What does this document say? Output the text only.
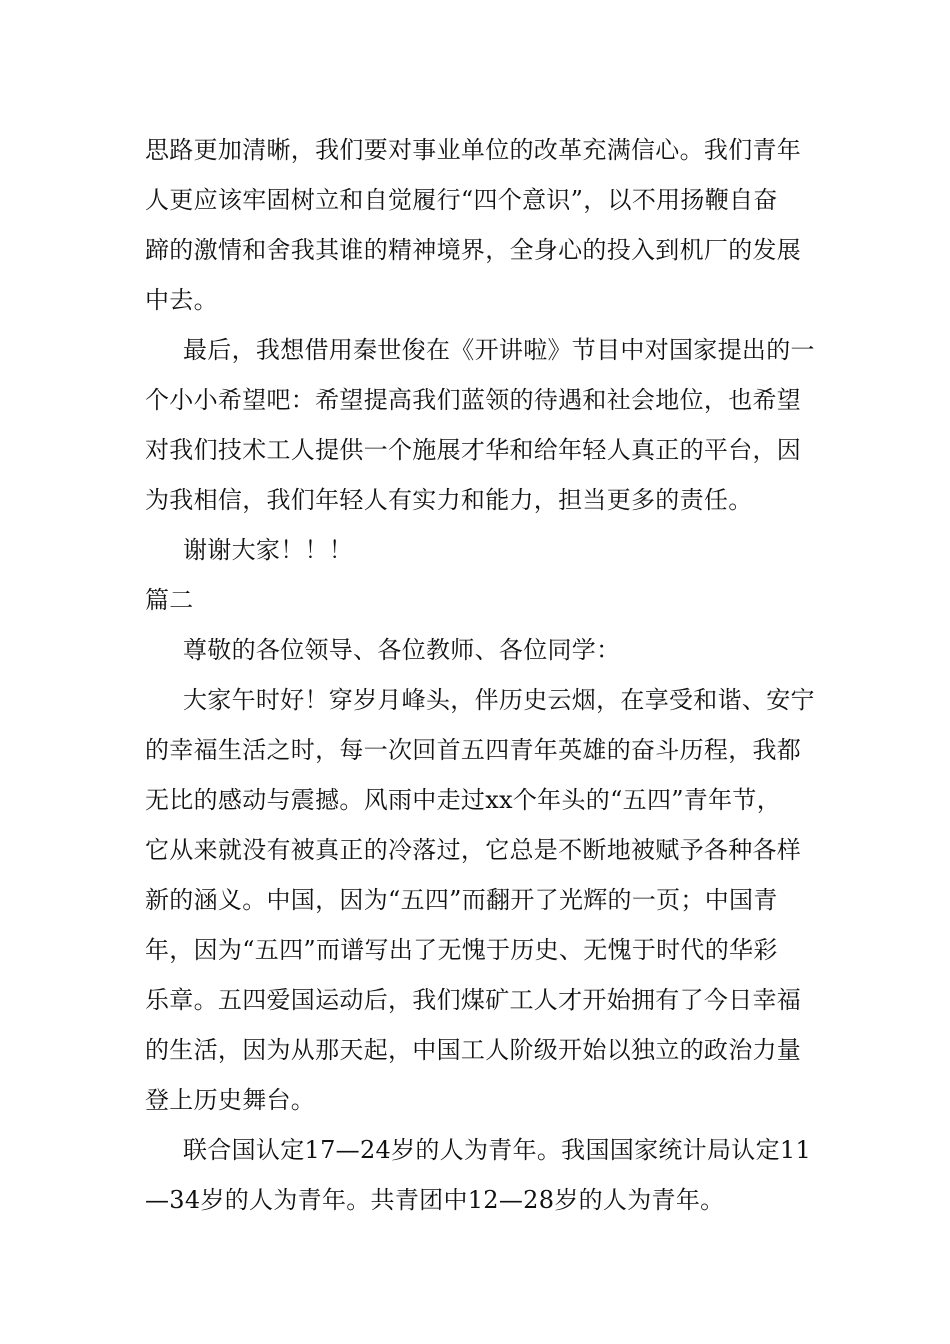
思路更加清晰，我们要对事业单位的改革充满信心。我们青年
人更应该牢固树立和自觉履行“四个意识”，以不用扬鞭自奋
蹄的激情和舍我其谁的精神境界，全身心的投入到机厂的发展
中去。
最后，我想借用秦世俊在《开讲啦》节目中对国家提出的一
个小小希望吧：希望提高我们蓝领的待遇和社会地位，也希望
对我们技术工人提供一个施展才华和给年轻人真正的平台，因
为我相信，我们年轻人有实力和能力，担当更多的责任。
谢谢大家！！！
篇二
尊敬的各位领导、各位教师、各位同学：
大家午时好！穿岁月峰头，伴历史云烟，在享受和谐、安宁
的幸福生活之时，每一次回首五四青年英雄的奋斗历程，我都
无比的感动与震撼。风雨中走过xx个年头的“五四”青年节，
它从来就没有被真正的冷落过，它总是不断地被赋予各种各样
新的涵义。中国，因为“五四”而翻开了光辉的一页；中国青
年，因为“五四”而谱写出了无愧于历史、无愧于时代的华彩
乐章。五四爱国运动后，我们煤矿工人才开始拥有了今日幸福
的生活，因为从那天起，中国工人阶级开始以独立的政治力量
登上历史舞台。
联合国认定17—24岁的人为青年。我国国家统计局认定11
—34岁的人为青年。共青团中12—28岁的人为青年。
